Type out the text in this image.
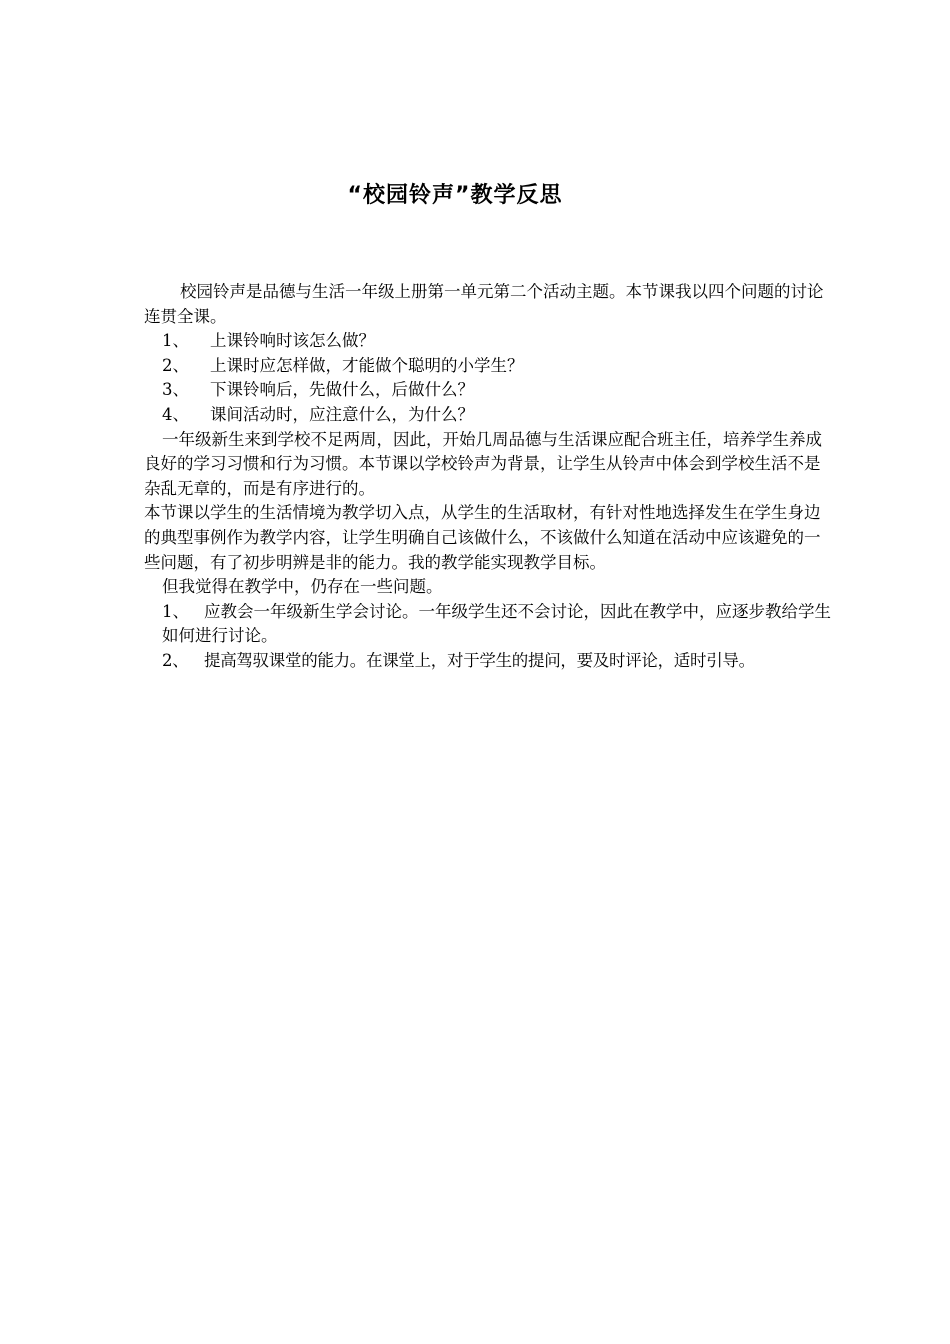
“校园铃声”教学反思

校园铃声是品德与生活一年级上册第一单元第二个活动主题。本节课我以四个问题的讨论连贯全课。

1、	上课铃响时该怎么做？
2、	上课时应怎样做，才能做个聪明的小学生？
3、	下课铃响后，先做什么，后做什么？
4、	课间活动时，应注意什么，为什么？

一年级新生来到学校不足两周，因此，开始几周品德与生活课应配合班主任，培养学生养成良好的学习习惯和行为习惯。本节课以学校铃声为背景，让学生从铃声中体会到学校生活不是杂乱无章的，而是有序进行的。

本节课以学生的生活情境为教学切入点，从学生的生活取材，有针对性地选择发生在学生身边的典型事例作为教学内容，让学生明确自己该做什么，不该做什么知道在活动中应该避免的一些问题，有了初步明辨是非的能力。我的教学能实现教学目标。

但我觉得在教学中，仍存在一些问题。

1、 应教会一年级新生学会讨论。一年级学生还不会讨论，因此在教学中，应逐步教给学生如何进行讨论。

2、 提高驾驭课堂的能力。在课堂上，对于学生的提问，要及时评论，适时引导。
